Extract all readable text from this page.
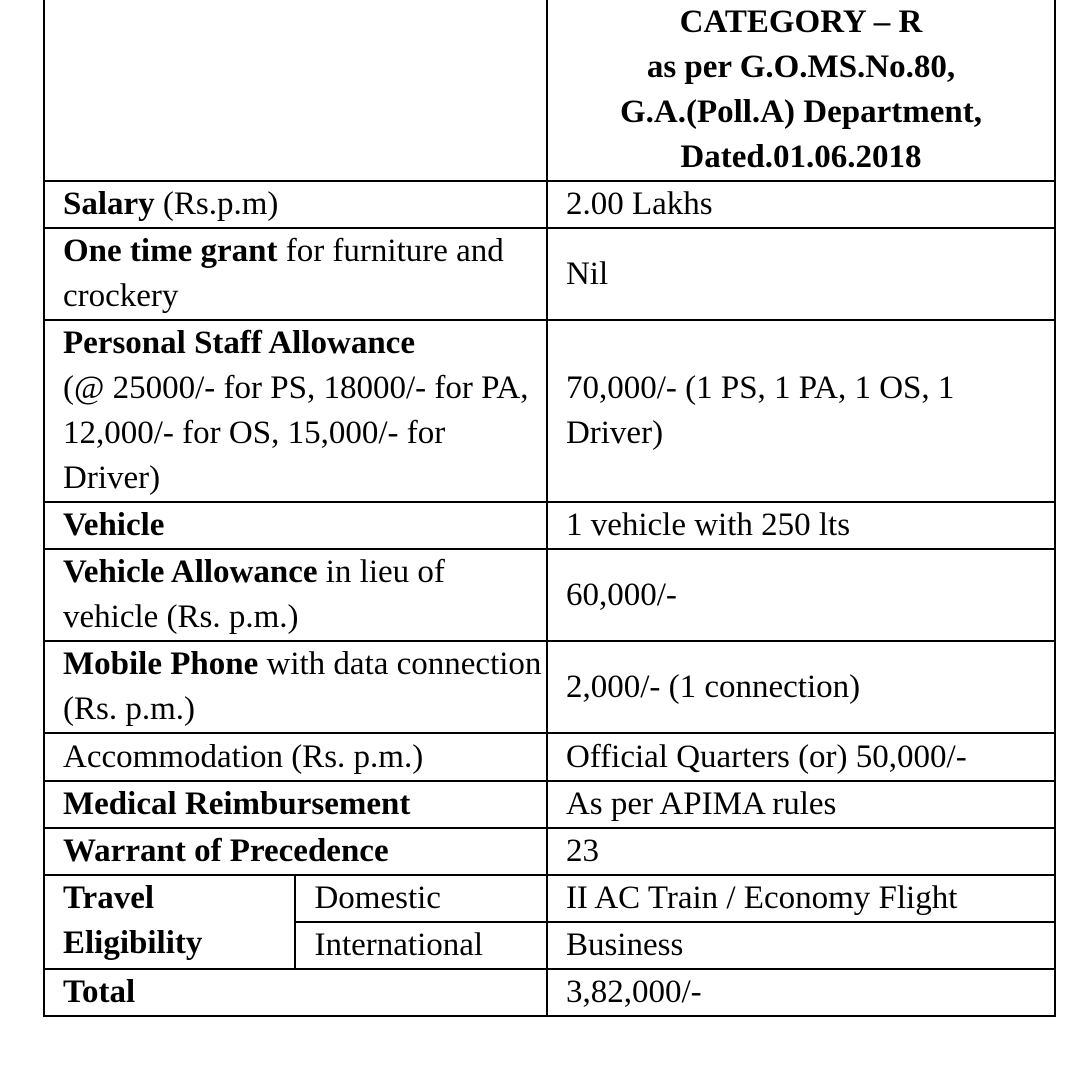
		CATEGORY – R
as per G.O.MS.No.80,
G.A.(Poll.A) Department,
Dated.01.06.2018

Salary (Rs.p.m)		2.00 Lakhs
One time grant for furniture and crockery		Nil
Personal Staff Allowance
(@ 25000/- for PS, 18000/- for PA, 12,000/- for OS, 15,000/- for Driver)		70,000/- (1 PS, 1 PA, 1 OS, 1 Driver)
Vehicle		1 vehicle with 250 lts
Vehicle Allowance in lieu of vehicle (Rs. p.m.)		60,000/-
Mobile Phone with data connection (Rs. p.m.)		2,000/- (1 connection)
Accommodation (Rs. p.m.)		Official Quarters (or) 50,000/-
Medical Reimbursement		As per APIMA rules
Warrant of Precedence		23

Travel
Eligibility	Domestic	II AC Train / Economy Flight
	International	Business
Total		3,82,000/-
